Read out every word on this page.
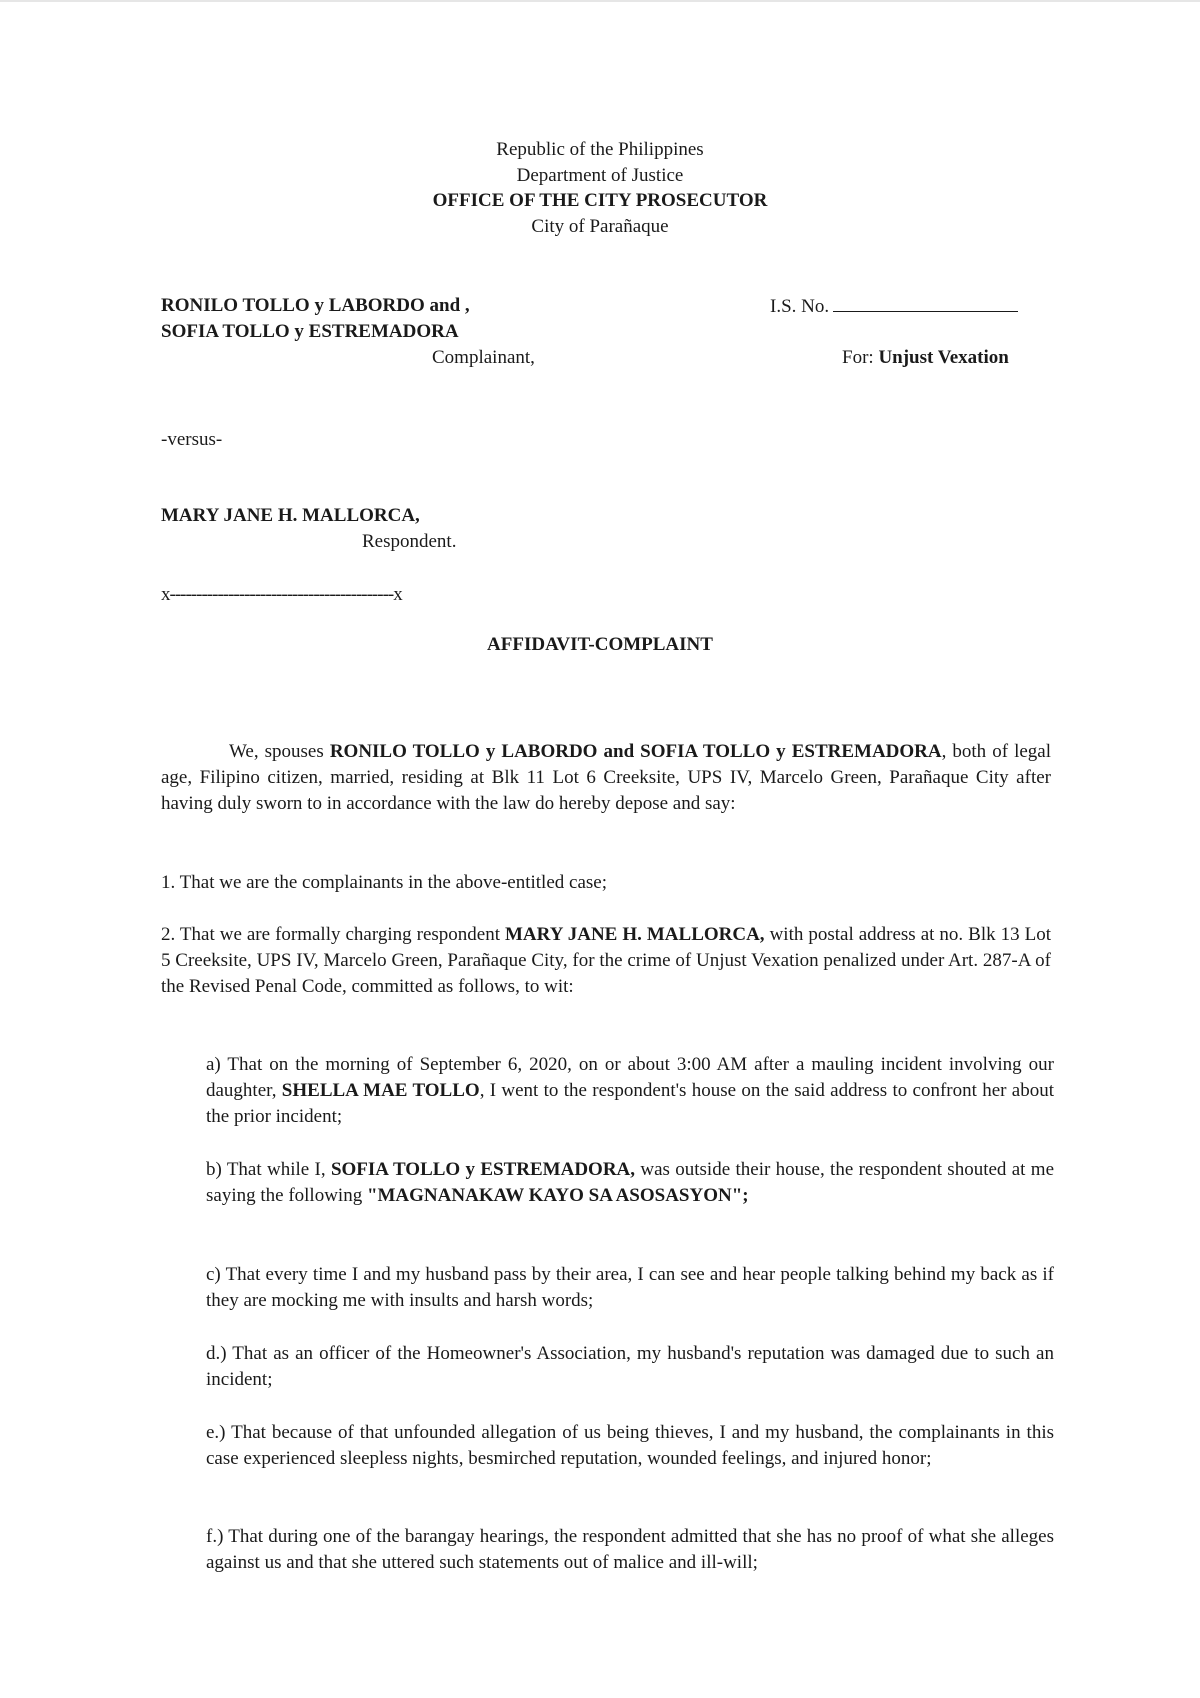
Republic of the Philippines
Department of Justice
OFFICE OF THE CITY PROSECUTOR
City of Parañaque
RONILO TOLLO y LABORDO and ,
SOFIA TOLLO y ESTREMADORA
Complainant,
I.S. No.
For: Unjust Vexation
-versus-
MARY JANE H. MALLORCA,
Respondent.
x------------------------------------------x
AFFIDAVIT-COMPLAINT
We, spouses RONILO TOLLO y LABORDO and SOFIA TOLLO y ESTREMADORA, both of legal age, Filipino citizen, married, residing at Blk 11 Lot 6 Creeksite, UPS IV, Marcelo Green, Parañaque City after having duly sworn to in accordance with the law do hereby depose and say:
1. That we are the complainants in the above-entitled case;
2. That we are formally charging respondent MARY JANE H. MALLORCA, with postal address at no. Blk 13 Lot 5 Creeksite, UPS IV, Marcelo Green, Parañaque City, for the crime of Unjust Vexation penalized under Art. 287-A of the Revised Penal Code, committed as follows, to wit:
a) That on the morning of September 6, 2020, on or about 3:00 AM after a mauling incident involving our daughter, SHELLA MAE TOLLO, I went to the respondent's house on the said address to confront her about the prior incident;
b) That while I, SOFIA TOLLO y ESTREMADORA, was outside their house, the respondent shouted at me saying the following "MAGNANAKAW KAYO SA ASOSASYON";
c) That every time I and my husband pass by their area, I can see and hear people talking behind my back as if they are mocking me with insults and harsh words;
d.) That as an officer of the Homeowner's Association, my husband's reputation was damaged due to such an incident;
e.) That because of that unfounded allegation of us being thieves, I and my husband, the complainants in this case experienced sleepless nights, besmirched reputation, wounded feelings, and injured honor;
f.) That during one of the barangay hearings, the respondent admitted that she has no proof of what she alleges against us and that she uttered such statements out of malice and ill-will;
